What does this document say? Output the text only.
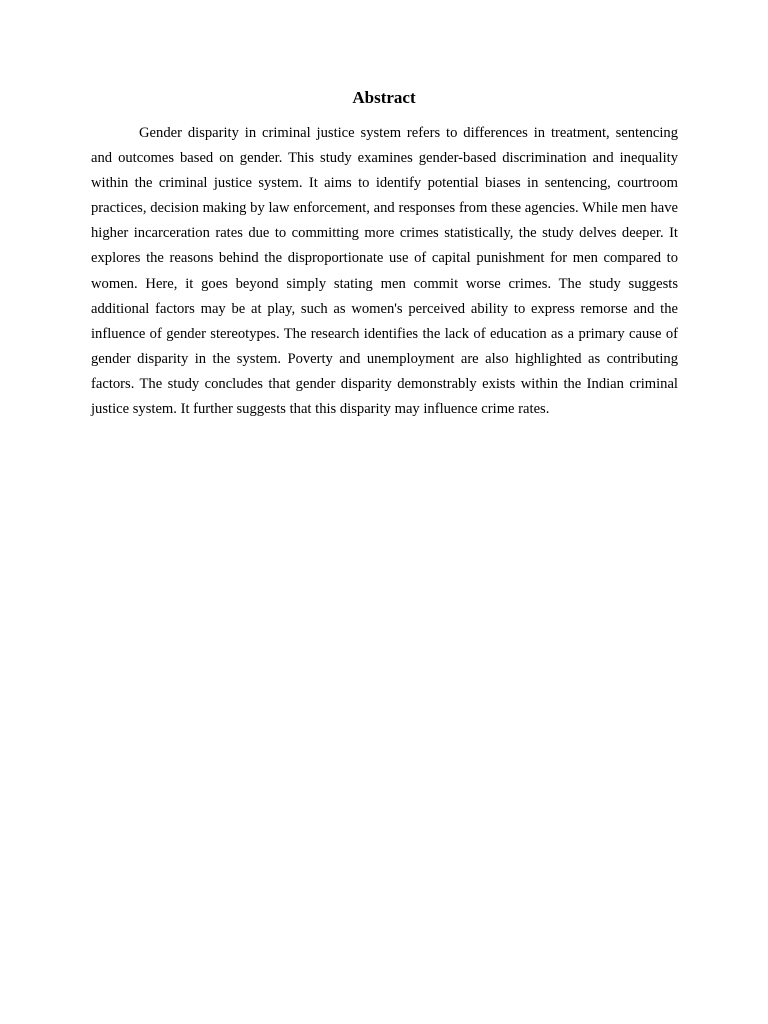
Abstract

Gender disparity in criminal justice system refers to differences in treatment, sentencing and outcomes based on gender. This study examines gender-based discrimination and inequality within the criminal justice system. It aims to identify potential biases in sentencing, courtroom practices, decision making by law enforcement, and responses from these agencies. While men have higher incarceration rates due to committing more crimes statistically, the study delves deeper. It explores the reasons behind the disproportionate use of capital punishment for men compared to women. Here, it goes beyond simply stating men commit worse crimes. The study suggests additional factors may be at play, such as women's perceived ability to express remorse and the influence of gender stereotypes. The research identifies the lack of education as a primary cause of gender disparity in the system. Poverty and unemployment are also highlighted as contributing factors. The study concludes that gender disparity demonstrably exists within the Indian criminal justice system. It further suggests that this disparity may influence crime rates.
